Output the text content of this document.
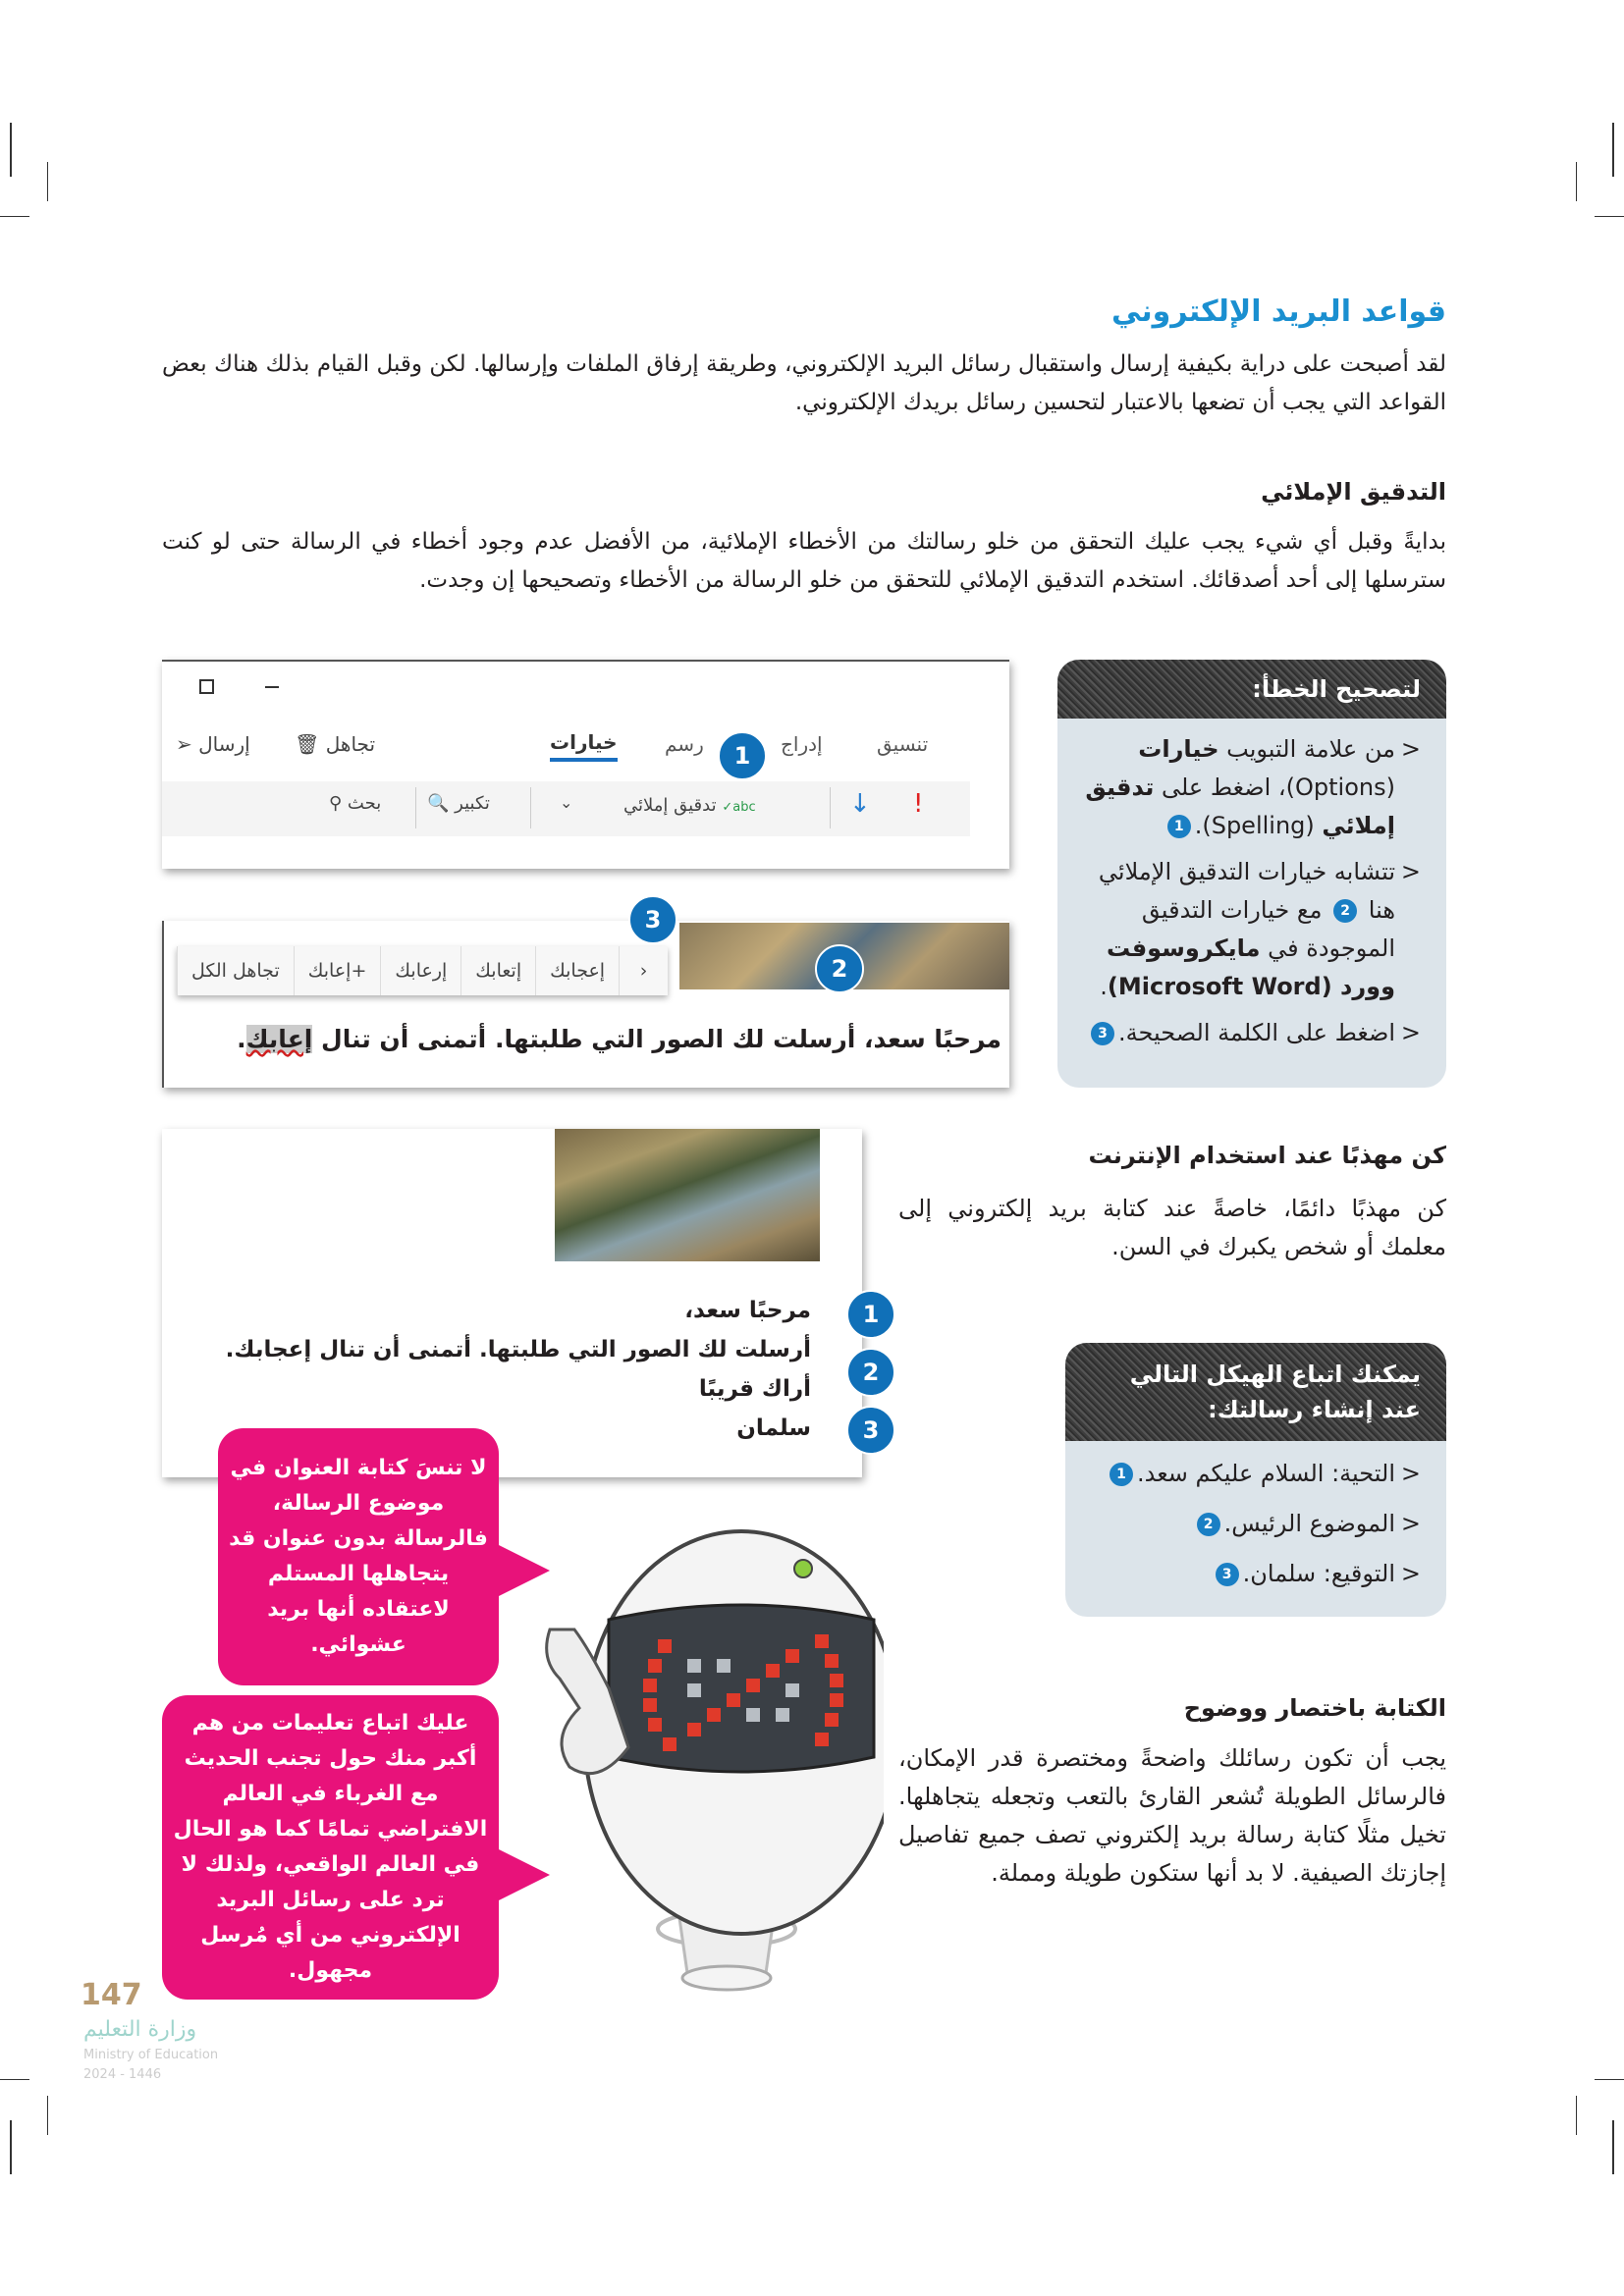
قواعد البريد الإلكتروني

لقد أصبحت على دراية بكيفية إرسال واستقبال رسائل البريد الإلكتروني، وطريقة إرفاق الملفات وإرسالها. لكن وقبل القيام بذلك هناك بعض القواعد التي يجب أن تضعها بالاعتبار لتحسين رسائل بريدك الإلكتروني.

التدقيق الإملائي

بدايةً وقبل أي شيء يجب عليك التحقق من خلو رسالتك من الأخطاء الإملائية، من الأفضل عدم وجود أخطاء في الرسالة حتى لو كنت سترسلها إلى أحد أصدقائك. استخدم التدقيق الإملائي للتحقق من خلو الرسالة من الأخطاء وتصحيحها إن وجدت.

إرسال ➢	تجاهل 🗑	تنسيق
إدراج
رسم
خيارات
!
↓
abc✓ تدقيق إملائي
⌄
🔍 تكبير
⚲ بحث
1
‹
إعجابك
إتعابك
إرعابك
+إعابك
تجاهل الكل
مرحبًا سعد، أرسلت لك الصور التي طلبتها. أتمنى أن تنال إعابك.
2
3
لتصحيح الخطأ:
< من علامة التبويب خيارات (Options)، اضغط على تدقيق إملائي (Spelling).1
< تتشابه خيارات التدقيق الإملائي هنا 2 مع خيارات التدقيق الموجودة في مايكروسوفت وورد (Microsoft Word).
< اضغط على الكلمة الصحيحة.3
كن مهذبًا عند استخدام الإنترنت

كن مهذبًا دائمًا، خاصةً عند كتابة بريد إلكتروني إلى معلمك أو شخص يكبرك في السن.

مرحبًا سعد،
أرسلت لك الصور التي طلبتها. أتمنى أن تنال إعجابك.
أراك قريبًا
سلمان
1
2
3
يمكنك اتباع الهيكل التالي عند إنشاء رسالتك:
< التحية: السلام عليكم سعد.1
< الموضوع الرئيس.2
< التوقيع: سلمان.3
الكتابة باختصار ووضوح

يجب أن تكون رسائلك واضحةً ومختصرة قدر الإمكان، فالرسائل الطويلة تُشعر القارئ بالتعب وتجعله يتجاهلها. تخيل مثلًا كتابة رسالة بريد إلكتروني تصف جميع تفاصيل إجازتك الصيفية. لا بد أنها ستكون طويلة ومملة.

لا تنسَ كتابة العنوان في موضوع الرسالة، فالرسالة بدون عنوان قد يتجاهلها المستلم لاعتقاده أنها بريد عشوائي.
عليك اتباع تعليمات من هم أكبر منك حول تجنب الحديث مع الغرباء في العالم الافتراضي تمامًا كما هو الحال في العالم الواقعي، ولذلك لا ترد على رسائل البريد الإلكتروني من أي مُرسل مجهول.
147
وزارة التعليم
Ministry of Education
2024 - 1446
